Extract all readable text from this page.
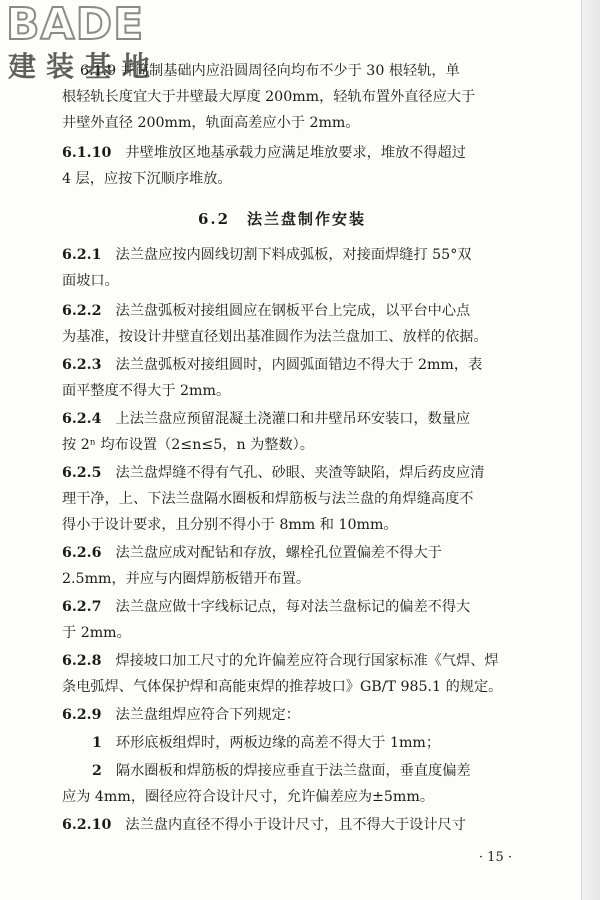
BADE
建装基地
6.1.9 井筒制基础内应沿圆周径向均布不少于 30 根轻轨，单
根轻轨长度宜大于井壁最大厚度 200mm，轻轨布置外直径应大于
井壁外直径 200mm，轨面高差应小于 2mm。
6.1.10 井壁堆放区地基承载力应满足堆放要求，堆放不得超过
4 层，应按下沉顺序堆放。
6.2　法兰盘制作安装
6.2.1 法兰盘应按内圆线切割下料成弧板，对接面焊缝打 55°双
面坡口。
6.2.2 法兰盘弧板对接组圆应在钢板平台上完成，以平台中心点
为基准，按设计井壁直径划出基准圆作为法兰盘加工、放样的依据。
6.2.3 法兰盘弧板对接组圆时，内圆弧面错边不得大于 2mm，表
面平整度不得大于 2mm。
6.2.4 上法兰盘应预留混凝土浇灌口和井壁吊环安装口，数量应
按 2ⁿ 均布设置（2≤n≤5，n 为整数）。
6.2.5 法兰盘焊缝不得有气孔、砂眼、夹渣等缺陷，焊后药皮应清
理干净，上、下法兰盘隔水圈板和焊筋板与法兰盘的角焊缝高度不
得小于设计要求，且分别不得小于 8mm 和 10mm。
6.2.6 法兰盘应成对配钻和存放，螺栓孔位置偏差不得大于
2.5mm，并应与内圈焊筋板错开布置。
6.2.7 法兰盘应做十字线标记点，每对法兰盘标记的偏差不得大
于 2mm。
6.2.8 焊接坡口加工尺寸的允许偏差应符合现行国家标准《气焊、焊
条电弧焊、气体保护焊和高能束焊的推荐坡口》GB/T 985.1 的规定。
6.2.9 法兰盘组焊应符合下列规定：
1 环形底板组焊时，两板边缘的高差不得大于 1mm；
2 隔水圈板和焊筋板的焊接应垂直于法兰盘面，垂直度偏差
应为 4mm，圈径应符合设计尺寸，允许偏差应为±5mm。
6.2.10 法兰盘内直径不得小于设计尺寸，且不得大于设计尺寸
· 15 ·
